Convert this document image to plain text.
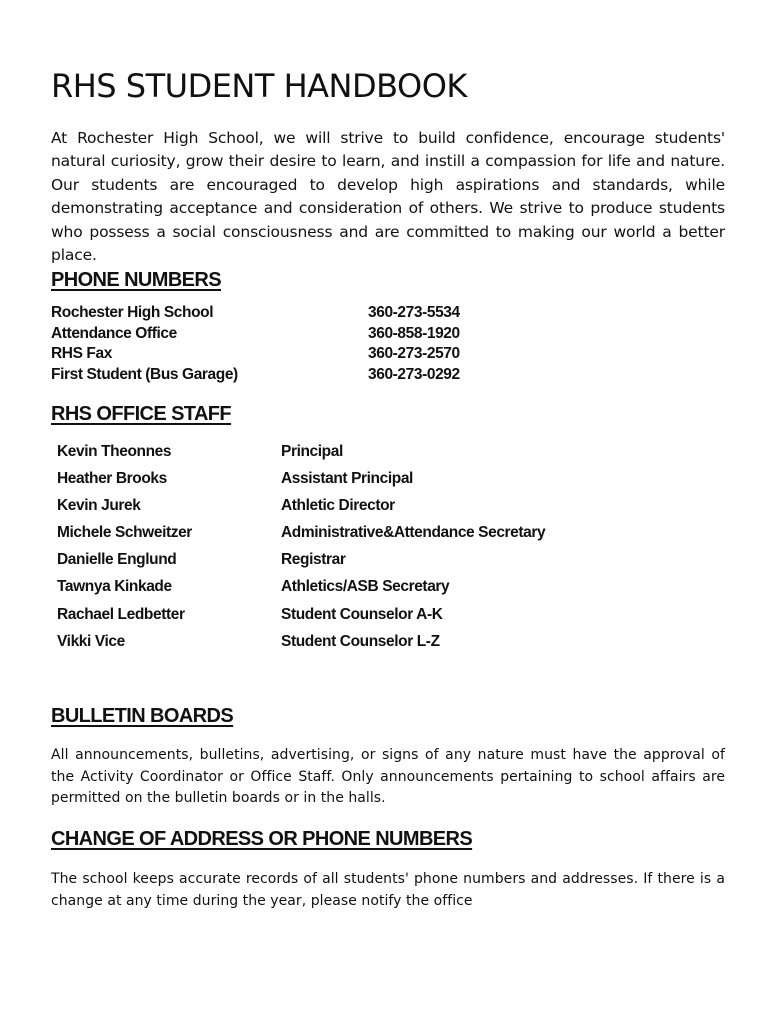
RHS STUDENT HANDBOOK

At Rochester High School, we will strive to build confidence, encourage students' natural curiosity, grow their desire to learn, and instill a compassion for life and nature. Our students are encouraged to develop high aspirations and standards, while demonstrating acceptance and consideration of others. We strive to produce students who possess a social consciousness and are committed to making our world a better place.

PHONE NUMBERS
Rochester High School	360-273-5534
Attendance Office	360-858-1920
RHS Fax	360-273-2570
First Student (Bus Garage)	360-273-0292
RHS OFFICE STAFF
Kevin Theonnes	Principal
Heather Brooks	Assistant Principal
Kevin Jurek	Athletic Director
Michele Schweitzer	Administrative&Attendance Secretary
Danielle Englund	Registrar
Tawnya Kinkade	Athletics/ASB Secretary
Rachael Ledbetter	Student Counselor A-K
Vikki Vice	Student Counselor L-Z
BULLETIN BOARDS

All announcements, bulletins, advertising, or signs of any nature must have the approval of the Activity Coordinator or Office Staff. Only announcements pertaining to school affairs are permitted on the bulletin boards or in the halls.

CHANGE OF ADDRESS OR PHONE NUMBERS

The school keeps accurate records of all students' phone numbers and addresses. If there is a change at any time during the year, please notify the office
